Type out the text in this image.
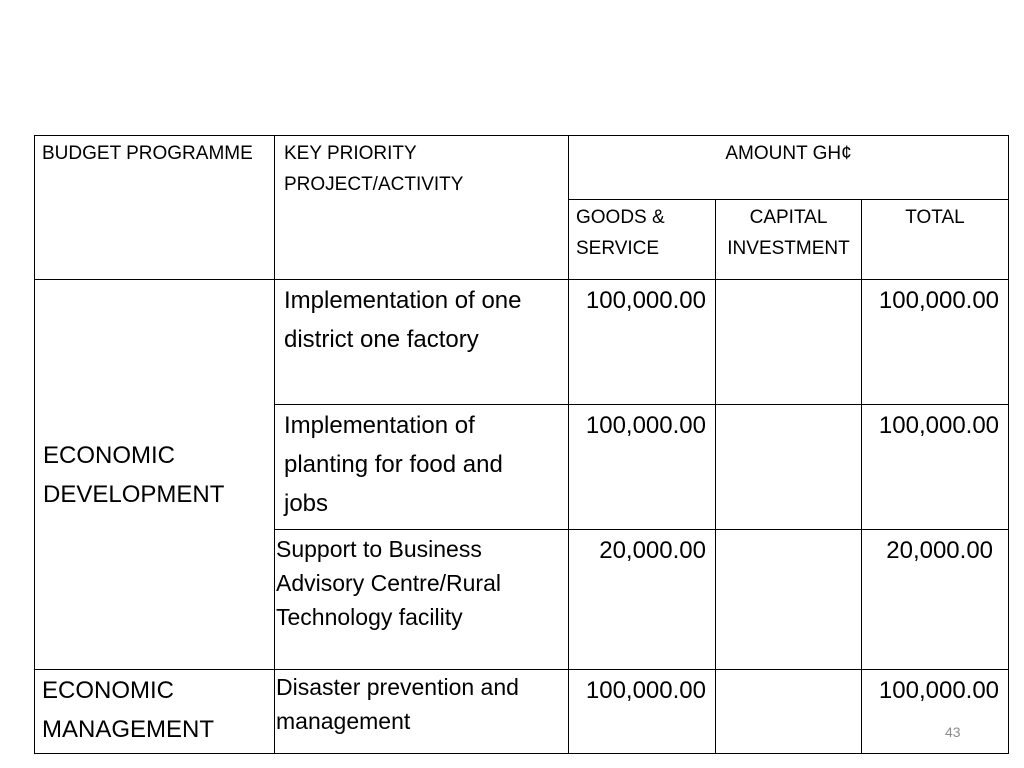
BUDGET PROGRAMME	KEY PRIORITY PROJECT/ACTIVITY	AMOUNT GH¢		
		GOODS & SERVICE	CAPITAL INVESTMENT	TOTAL
ECONOMIC DEVELOPMENT	Implementation of one district one factory	100,000.00		100,000.00
	Implementation of planting for food and jobs	100,000.00		100,000.00
	Support to Business Advisory Centre/Rural Technology facility	20,000.00		20,000.00
ECONOMIC MANAGEMENT	Disaster prevention and management	100,000.00		100,000.00
43
